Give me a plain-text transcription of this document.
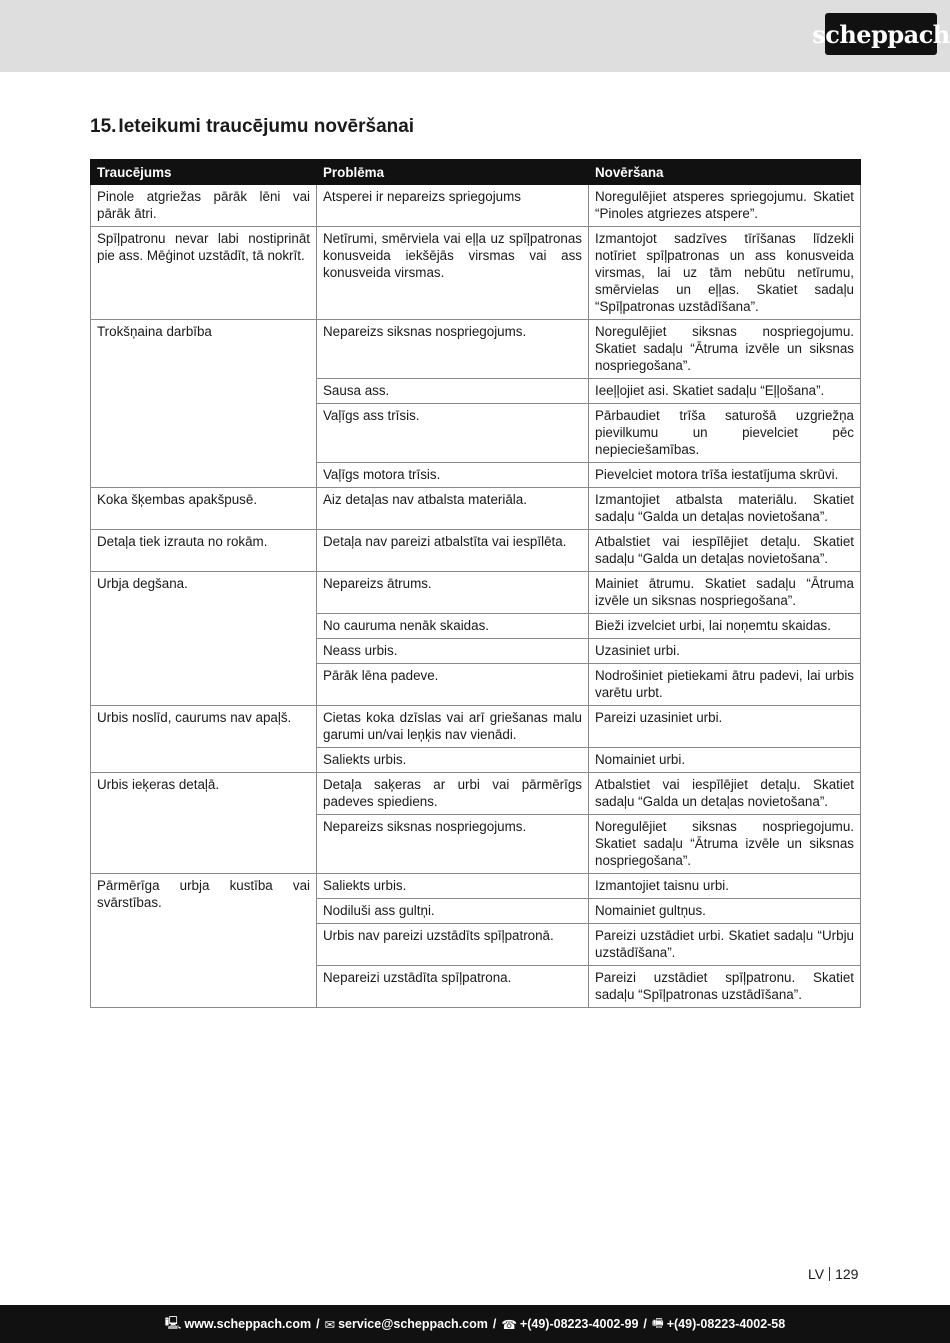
scheppach
15. Ieteikumi traucējumu novēršanai
Traucējums	Problēma	Novēršana
Pinole atgriežas pārāk lēni vai pārāk ātri.	Atsperei ir nepareizs spriegojums	Noregulējiet atsperes spriegojumu. Skatiet “Pinoles atgriezes atspere”.
Spīļpatronu nevar labi nostiprināt pie ass. Mēģinot uzstādīt, tā nokrīt.	Netīrumi, smērviela vai eļļa uz spīļpatronas konusveida iekšējās virsmas vai ass konusveida virsmas.	Izmantojot sadzīves tīrīšanas līdzekli notīriet spīļpatronas un ass konusveida virsmas, lai uz tām nebūtu netīrumu, smērvielas un eļļas. Skatiet sadaļu “Spīļpatronas uzstādīšana”.
Trokšņaina darbība	Nepareizs siksnas nospriegojums.	Noregulējiet siksnas nospriegojumu. Skatiet sadaļu “Ātruma izvēle un siksnas nospriegošana”.
	Sausa ass.	Ieeļļojiet asi. Skatiet sadaļu “Eļļošana”.
	Vaļīgs ass trīsis.	Pārbaudiet trīša saturošā uzgriežņa pievilkumu un pievelciet pēc nepieciešamības.
	Vaļīgs motora trīsis.	Pievelciet motora trīša iestatījuma skrūvi.
Koka šķembas apakšpusē.	Aiz detaļas nav atbalsta materiāla.	Izmantojiet atbalsta materiālu. Skatiet sadaļu “Galda un detaļas novietošana”.
Detaļa tiek izrauta no rokām.	Detaļa nav pareizi atbalstīta vai iespīlēta.	Atbalstiet vai iespīlējiet detaļu. Skatiet sadaļu “Galda un detaļas novietošana”.
Urbja degšana.	Nepareizs ātrums.	Mainiet ātrumu. Skatiet sadaļu “Ātruma izvēle un siksnas nospriegošana”.
	No cauruma nenāk skaidas.	Bieži izvelciet urbi, lai noņemtu skaidas.
	Neass urbis.	Uzasiniet urbi.
	Pārāk lēna padeve.	Nodrošiniet pietiekami ātru padevi, lai urbis varētu urbt.
Urbis noslīd, caurums nav apaļš.	Cietas koka dzīslas vai arī griešanas malu garumi un/vai leņķis nav vienādi.	Pareizi uzasiniet urbi.
	Saliekts urbis.	Nomainiet urbi.
Urbis ieķeras detaļā.	Detaļa saķeras ar urbi vai pārmērīgs padeves spiediens.	Atbalstiet vai iespīlējiet detaļu. Skatiet sadaļu “Galda un detaļas novietošana”.
	Nepareizs siksnas nospriegojums.	Noregulējiet siksnas nospriegojumu. Skatiet sadaļu “Ātruma izvēle un siksnas nospriegošana”.
Pārmērīga urbja kustība vai svārstības.	Saliekts urbis.	Izmantojiet taisnu urbi.
	Nodiluši ass gultņi.	Nomainiet gultņus.
	Urbis nav pareizi uzstādīts spīļpatronā.	Pareizi uzstādiet urbi. Skatiet sadaļu “Urbju uzstādīšana”.
	Nepareizi uzstādīta spīļpatrona.	Pareizi uzstādiet spīļpatronu. Skatiet sadaļu “Spīļpatronas uzstādīšana”.
LV 129
🖳 www.scheppach.com / ✉ service@scheppach.com / ☎ +(49)-08223-4002-99 / 🖷 +(49)-08223-4002-58
